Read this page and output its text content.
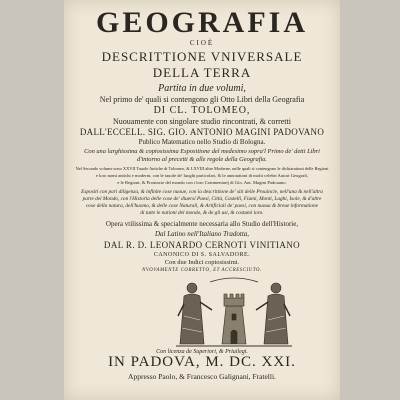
GEOGRAFIA
CIOÈ
DESCRITTIONE VNIVERSALE
DELLA TERRA
Partita in due volumi,
Nel primo de' quali si contengono gli Otto Libri della Geografia
DI CL. TOLOMEO,
Nuouamente con singolare studio rincontrati, & corretti
DALL'ECCELL. SIG. GIO. ANTONIO MAGINI PADOVANO
Publico Matematico nello Studio di Bologna.
Con una larghissima & copiosissima Espositione del medesimo sopra'l Primo de' detti Libri
d'intorno al precetti & alle regole della Geografia.
Nel Secondo volume sono XXVII Tauole Antiche di Tolomeo, & LXVIII altre Moderne, nelle quali si contengono le dichiarationi delle Regioni
e loro nomi antichi e moderni, con le tauole de' luoghi particolari, & le annotationi di molti celebri Autori Geografi,
e le Regioni, & Prouincie del mondo con i loro Commentarij di Gio. Ant. Magini Padouano.
Espositi con pari diligenza, & infinite cose nuoue, con la descrittione de' siti delle Prouincie, nell'una & nell'altra
parte del Mondo, con l'Historia delle cose de' diuersi Paesi, Città, Castelli, Fiumi, Monti, Laghi, Isole, & d'altre
cose della natura, dell'huomo, & delle cose Naturali, & Artificiali de' paesi, con nuoua & breue informatione
di tutte le nationi del mondo, & de gli usi, & costumi loro.
Opera vtilissima & specialmente necessaria allo Studio dell'Historie,
Dal Latino nell'Italiano Tradotta,
DAL R. D. LEONARDO CERNOTI VINITIANO
CANONICO DI S. SALVADORE.
Con due Indici copiosissimi.
NVOVAMENTE CORRETTO, ET ACCRESCIUTO.
Con licenza de Superiori, & Priuilegi.
IN PADOVA, M. DC. XXI.
Appresso Paolo, & Francesco Galignani, Fratelli.
